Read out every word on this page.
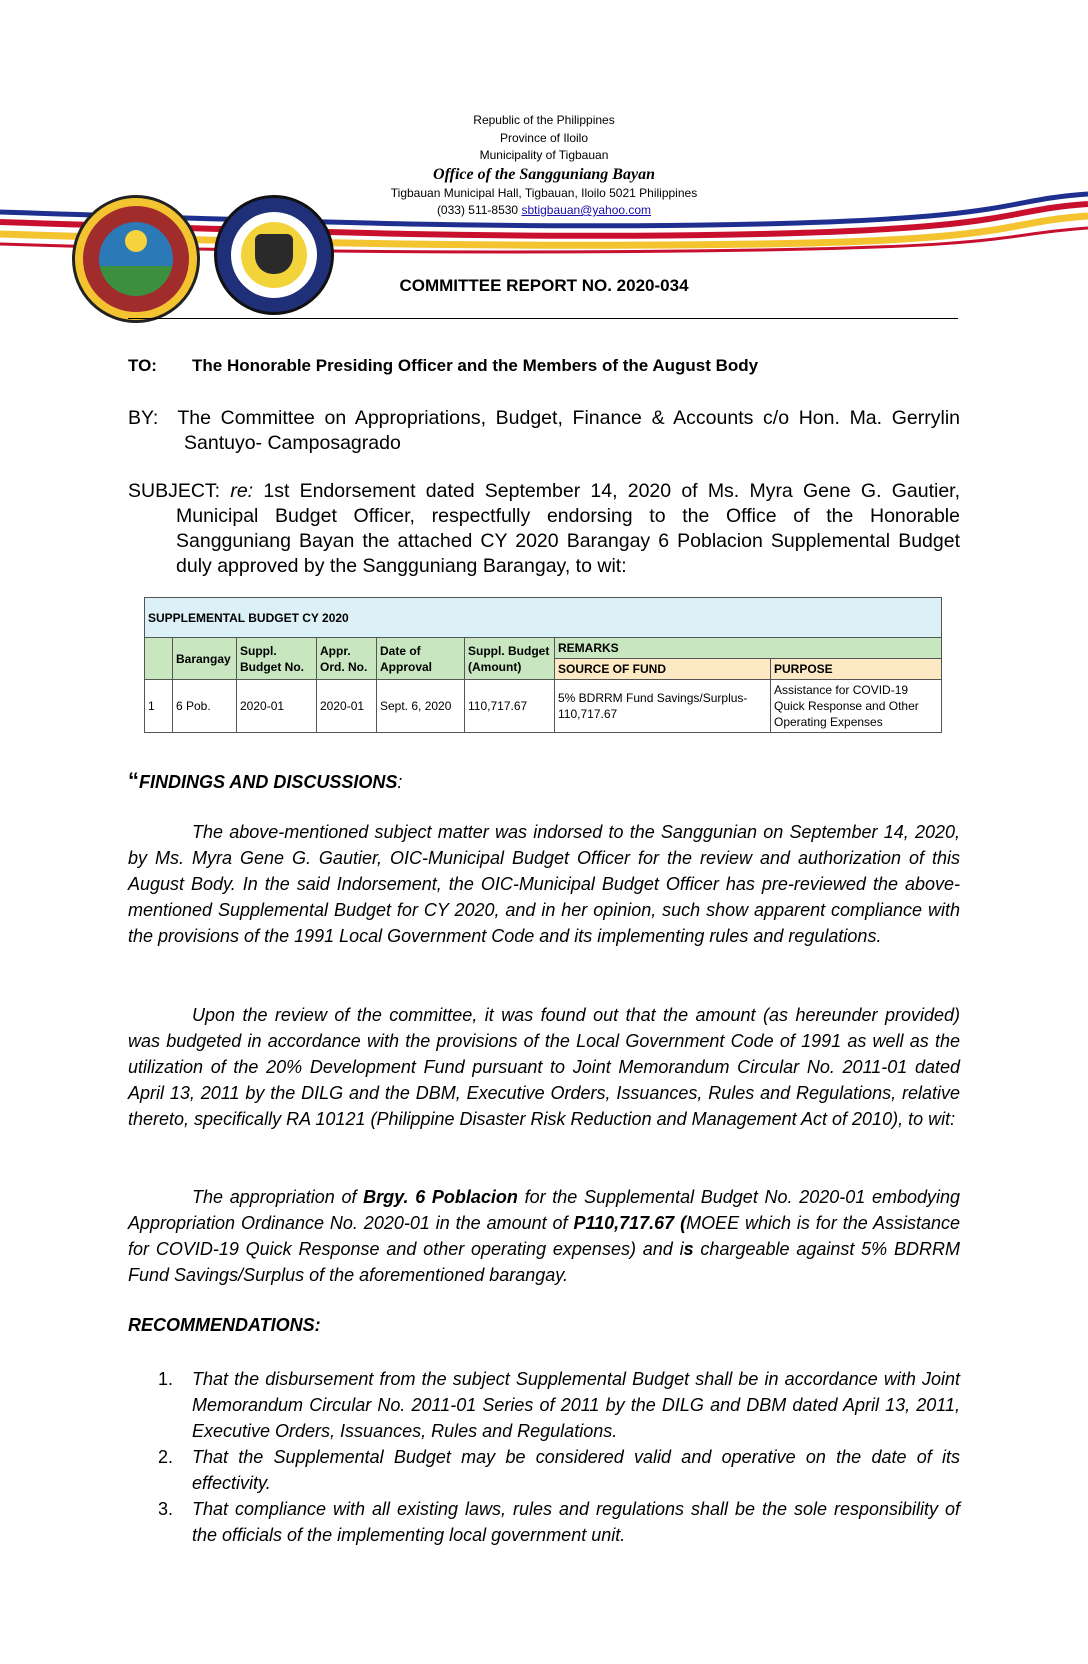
Republic of the Philippines
Province of Iloilo
Municipality of Tigbauan
Office of the Sangguniang Bayan
Tigbauan Municipal Hall, Tigbauan, Iloilo 5021 Philippines
(033) 511-8530 sbtigbauan@yahoo.com
COMMITTEE REPORT NO. 2020-034
TO: The Honorable Presiding Officer and the Members of the August Body
BY: The Committee on Appropriations, Budget, Finance & Accounts c/o Hon. Ma. Gerrylin Santuyo- Camposagrado
SUBJECT: re: 1st Endorsement dated September 14, 2020 of Ms. Myra Gene G. Gautier, Municipal Budget Officer, respectfully endorsing to the Office of the Honorable Sangguniang Bayan the attached CY 2020 Barangay 6 Poblacion Supplemental Budget duly approved by the Sangguniang Barangay, to wit:
SUPPLEMENTAL BUDGET CY 2020							
	Barangay	Suppl. Budget No.	Appr. Ord. No.	Date of Approval	Suppl. Budget (Amount)	REMARKS	
						SOURCE OF FUND	PURPOSE
1	6 Pob.	2020-01	2020-01	Sept. 6, 2020	110,717.67	5% BDRRM Fund Savings/Surplus-110,717.67	Assistance for COVID-19 Quick Response and Other Operating Expenses
“FINDINGS AND DISCUSSIONS:
The above-mentioned subject matter was indorsed to the Sanggunian on September 14, 2020, by Ms. Myra Gene G. Gautier, OIC-Municipal Budget Officer for the review and authorization of this August Body. In the said Indorsement, the OIC-Municipal Budget Officer has pre-reviewed the above-mentioned Supplemental Budget for CY 2020, and in her opinion, such show apparent compliance with the provisions of the 1991 Local Government Code and its implementing rules and regulations.
Upon the review of the committee, it was found out that the amount (as hereunder provided) was budgeted in accordance with the provisions of the Local Government Code of 1991 as well as the utilization of the 20% Development Fund pursuant to Joint Memorandum Circular No. 2011-01 dated April 13, 2011 by the DILG and the DBM, Executive Orders, Issuances, Rules and Regulations, relative thereto, specifically RA 10121 (Philippine Disaster Risk Reduction and Management Act of 2010), to wit:
The appropriation of Brgy. 6 Poblacion for the Supplemental Budget No. 2020-01 embodying Appropriation Ordinance No. 2020-01 in the amount of P110,717.67 (MOEE which is for the Assistance for COVID-19 Quick Response and other operating expenses) and is chargeable against 5% BDRRM Fund Savings/Surplus of the aforementioned barangay.
RECOMMENDATIONS:
1. That the disbursement from the subject Supplemental Budget shall be in accordance with Joint Memorandum Circular No. 2011-01 Series of 2011 by the DILG and DBM dated April 13, 2011, Executive Orders, Issuances, Rules and Regulations.
2. That the Supplemental Budget may be considered valid and operative on the date of its effectivity.
3. That compliance with all existing laws, rules and regulations shall be the sole responsibility of the officials of the implementing local government unit.
